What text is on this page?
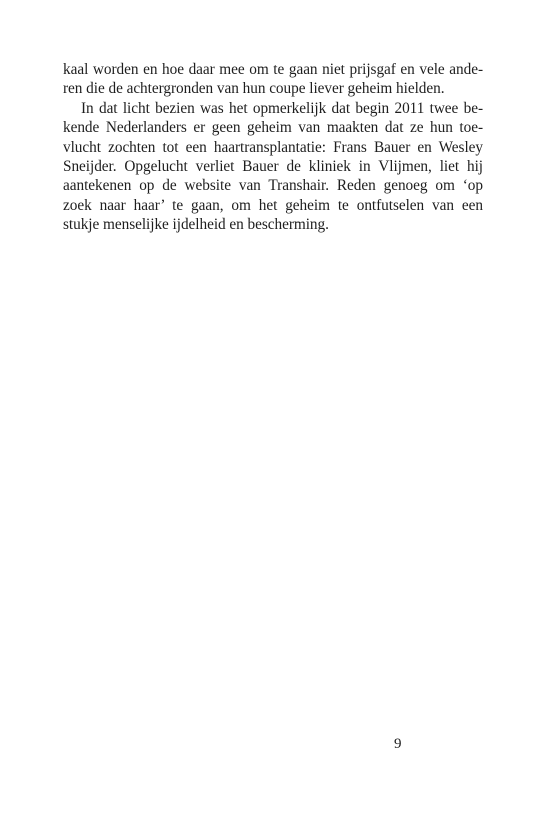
kaal worden en hoe daar mee om te gaan niet prijsgaf en vele ande-
ren die de achtergronden van hun coupe liever geheim hielden.
In dat licht bezien was het opmerkelijk dat begin 2011 twee be-
kende Nederlanders er geen geheim van maakten dat ze hun toe-
vlucht zochten tot een haartransplantatie: Frans Bauer en Wesley
Sneijder. Opgelucht verliet Bauer de kliniek in Vlijmen, liet hij
aantekenen op de website van Transhair. Reden genoeg om ‘op
zoek naar haar’ te gaan, om het geheim te ontfutselen van een
stukje menselijke ijdelheid en bescherming.
9
